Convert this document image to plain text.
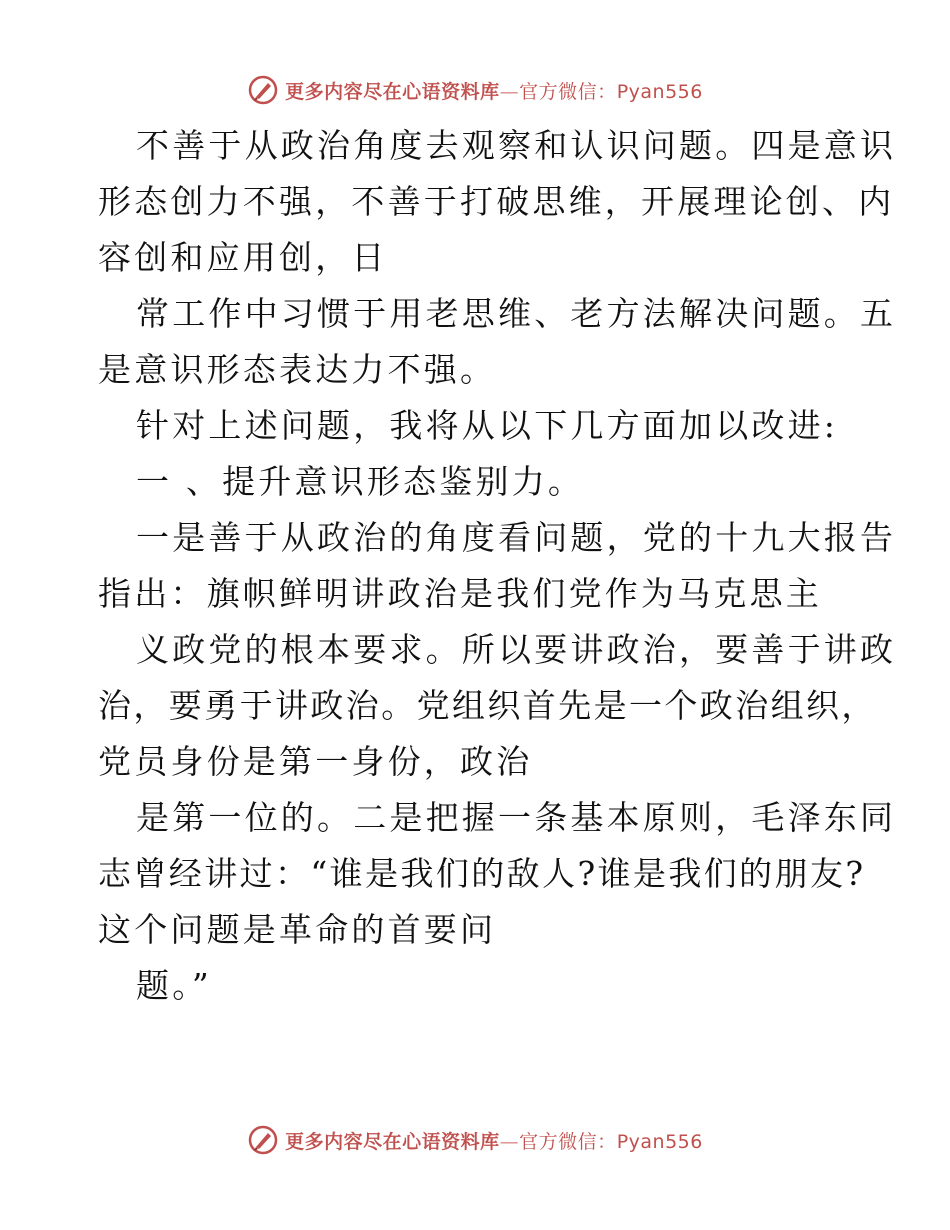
更多内容尽在心语资料库—官方微信：Pyan556
不善于从政治角度去观察和认识问题。四是意识
形态创力不强，不善于打破思维，开展理论创、内
容创和应用创，日
常工作中习惯于用老思维、老方法解决问题。五
是意识形态表达力不强。
针对上述问题，我将从以下几方面加以改进:
一 、提升意识形态鉴别力。
一是善于从政治的角度看问题，党的十九大报告
指出：旗帜鲜明讲政治是我们党作为马克思主
义政党的根本要求。所以要讲政治，要善于讲政
治，要勇于讲政治。党组织首先是一个政治组织，
党员身份是第一身份，政治
是第一位的。二是把握一条基本原则，毛泽东同
志曾经讲过：“谁是我们的敌人?谁是我们的朋友?
这个问题是革命的首要问
题。”
更多内容尽在心语资料库—官方微信：Pyan556
